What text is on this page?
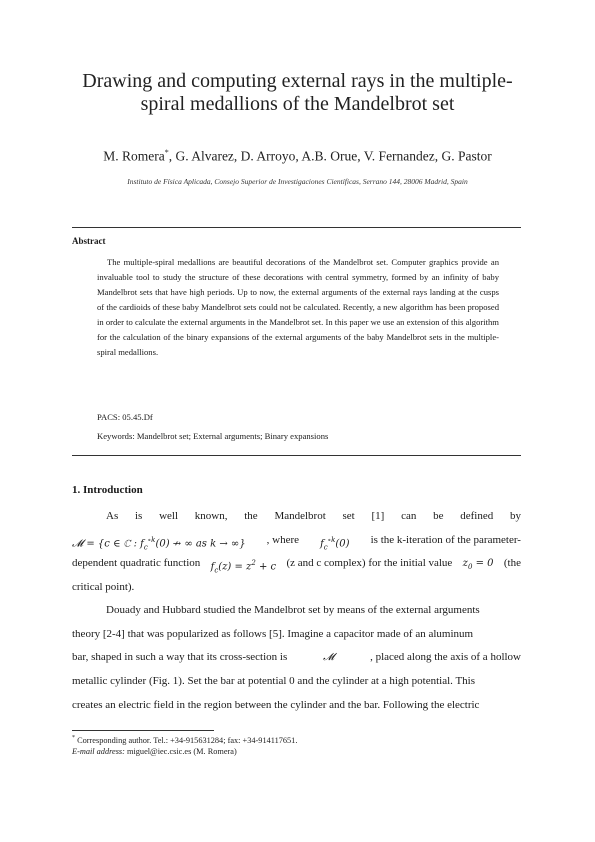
Drawing and computing external rays in the multiple-
spiral medallions of the Mandelbrot set
M. Romera*, G. Alvarez, D. Arroyo, A.B. Orue, V. Fernandez, G. Pastor
Instituto de Física Aplicada, Consejo Superior de Investigaciones Científicas, Serrano 144, 28006 Madrid, Spain
Abstract
The multiple-spiral medallions are beautiful decorations of the Mandelbrot set. Computer graphics provide an invaluable tool to study the structure of these decorations with central symmetry, formed by an infinity of baby Mandelbrot sets that have high periods. Up to now, the external arguments of the external rays landing at the cusps of the cardioids of these baby Mandelbrot sets could not be calculated. Recently, a new algorithm has been proposed in order to calculate the external arguments in the Mandelbrot set. In this paper we use an extension of this algorithm for the calculation of the binary expansions of the external arguments of the baby Mandelbrot sets in the multiple-spiral medallions.
PACS: 05.45.Df
Keywords: Mandelbrot set; External arguments; Binary expansions
1. Introduction
As is well known, the Mandelbrot set [1] can be defined by
𝓜 = {c ∈ ℂ : $f_c^{\circ k}(0)$ ↛ ∞ as k → ∞} , where $f_c^{\circ k}(0)$ is the k-iteration of the parameter-
dependent quadratic function $f_c(z) = z^2 + c$ (z and c complex) for the initial value $z_0 = 0$ (the
critical point).
Douady and Hubbard studied the Mandelbrot set by means of the external arguments
theory [2-4] that was popularized as follows [5]. Imagine a capacitor made of an aluminum
bar, shaped in such a way that its cross-section is	𝓜	, placed along the axis of a hollow
metallic cylinder (Fig. 1). Set the bar at potential 0 and the cylinder at a high potential. This
creates an electric field in the region between the cylinder and the bar. Following the electric
* Corresponding author. Tel.: +34-915631284; fax: +34-914117651.
E-mail address: miguel@iec.csic.es (M. Romera)
